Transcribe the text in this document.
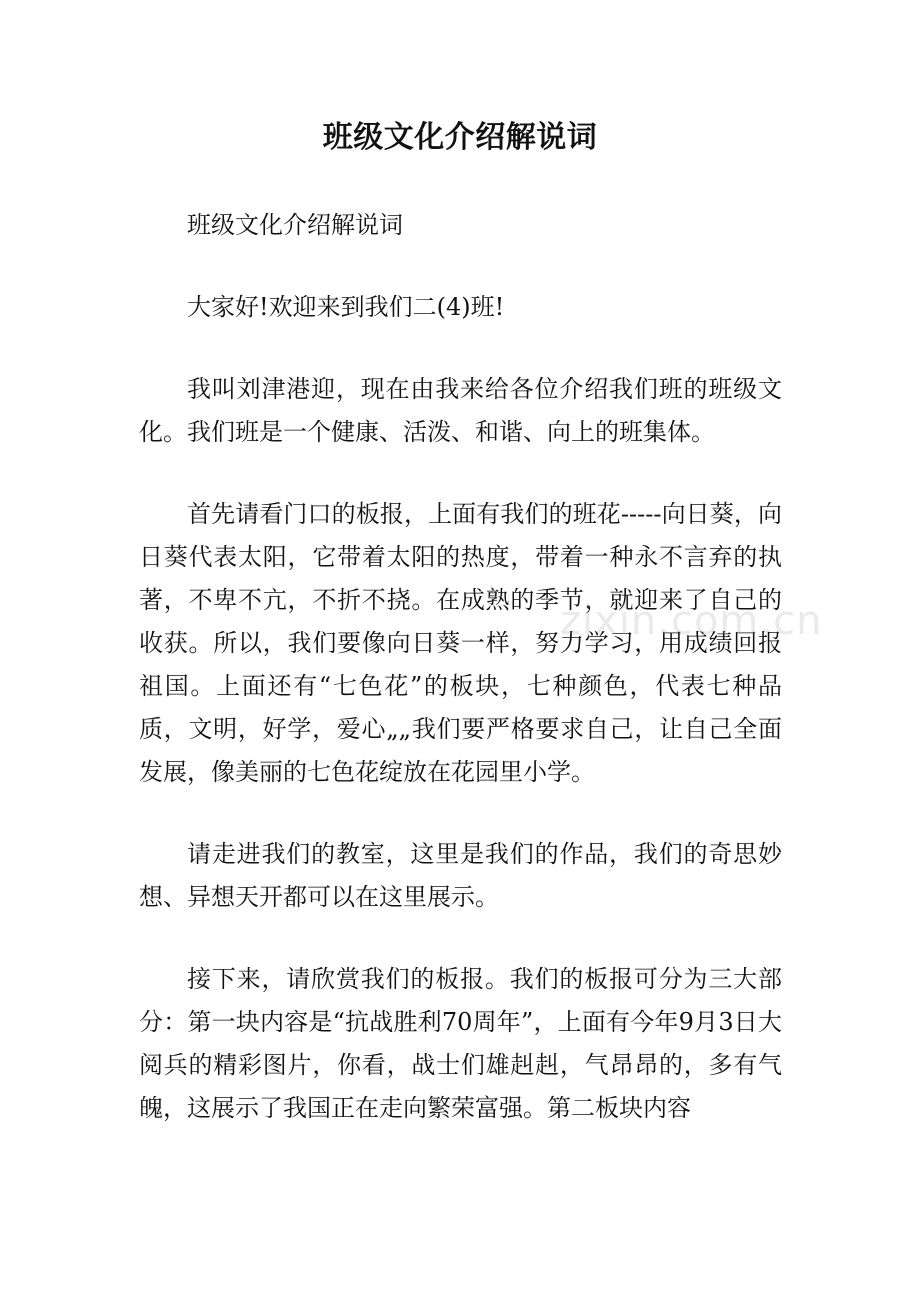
班级文化介绍解说词

班级文化介绍解说词

大家好!欢迎来到我们二(4)班!

我叫刘津港迎，现在由我来给各位介绍我们班的班级文化。我们班是一个健康、活泼、和谐、向上的班集体。

首先请看门口的板报，上面有我们的班花-----向日葵，向日葵代表太阳，它带着太阳的热度，带着一种永不言弃的执著，不卑不亢，不折不挠。在成熟的季节，就迎来了自己的收获。所以，我们要像向日葵一样，努力学习，用成绩回报祖国。上面还有“七色花”的板块，七种颜色，代表七种品质，文明，好学，爱心„„我们要严格要求自己，让自己全面发展，像美丽的七色花绽放在花园里小学。

请走进我们的教室，这里是我们的作品，我们的奇思妙想、异想天开都可以在这里展示。

接下来，请欣赏我们的板报。我们的板报可分为三大部分：第一块内容是“抗战胜利70周年”，上面有今年9月3日大阅兵的精彩图片，你看，战士们雄赳赳，气昂昂的，多有气魄，这展示了我国正在走向繁荣富强。第二板块内容

zixin.com.cn
